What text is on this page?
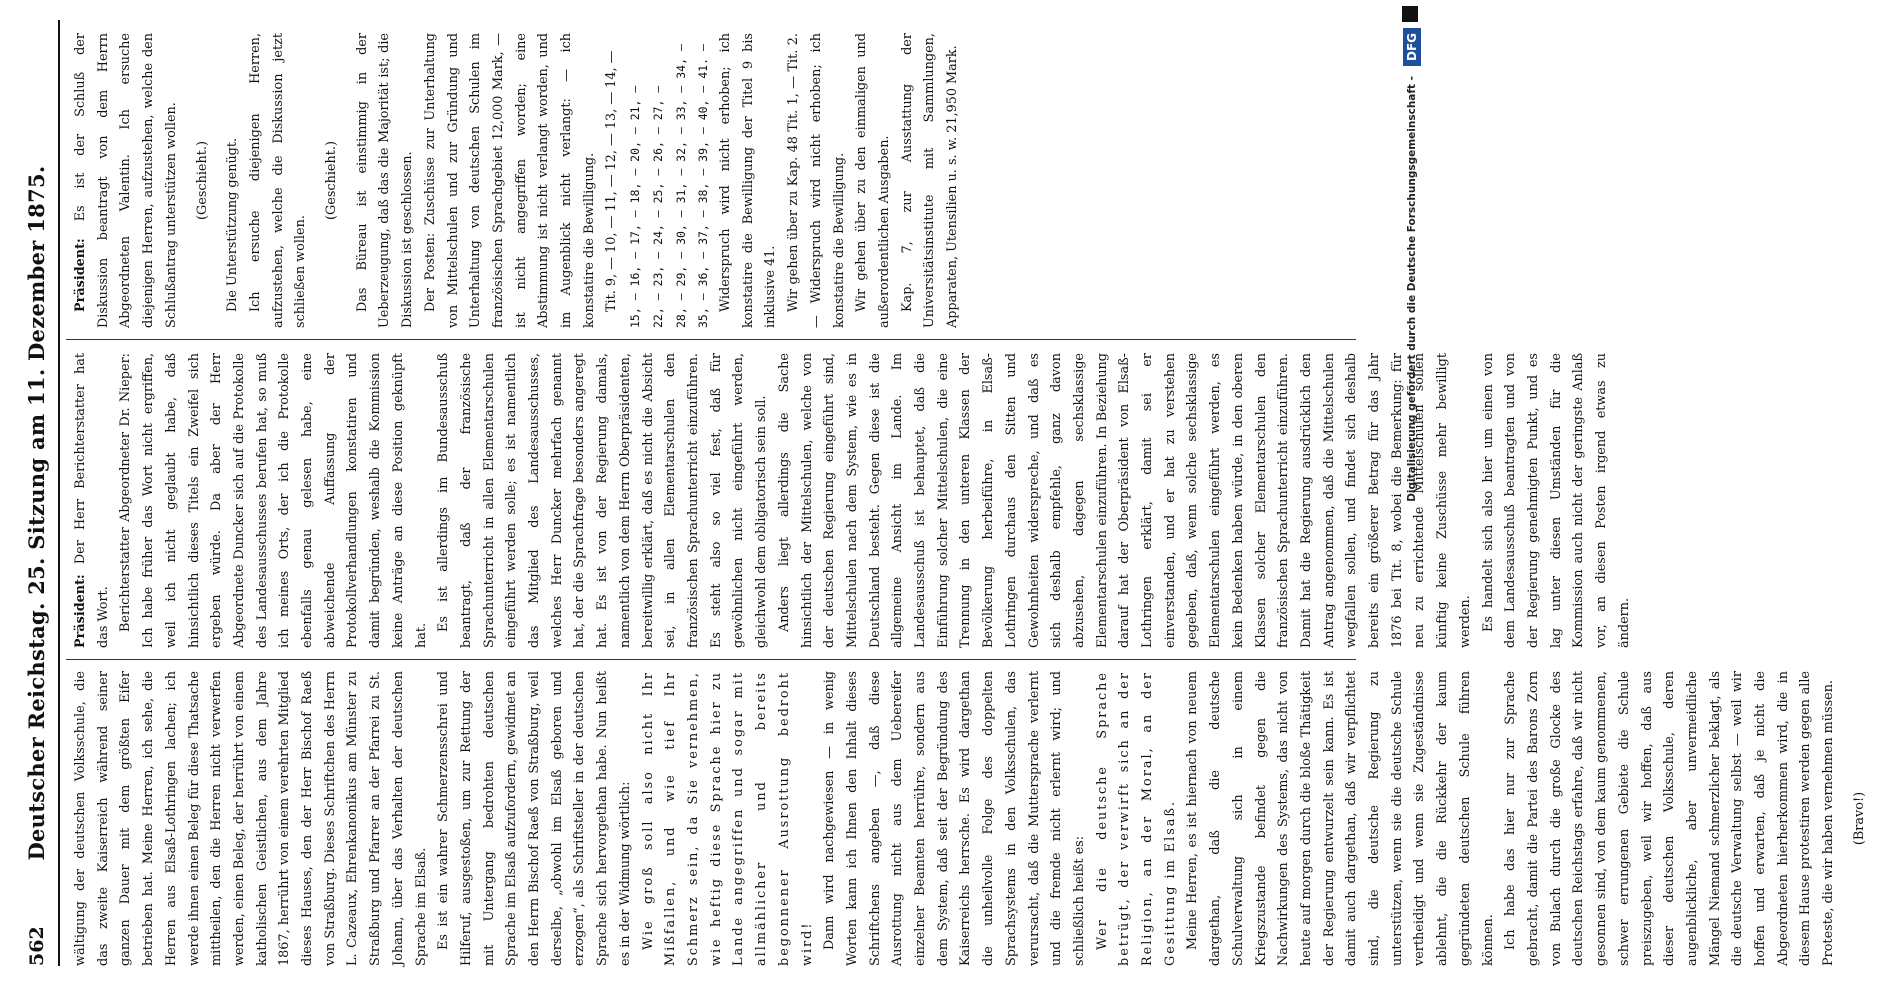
562
Deutscher Reichstag. 25. Sitzung am 11. Dezember 1875. wältigung der deutschen Volksschule, die das zweite Kaiserreich während seiner ganzen Dauer mit dem größten Eifer betrieben hat. Meine Herren, ich sehe, die Herren aus Elsaß-Lothringen lachen; ich werde ihnen einen Beleg für diese Thatsache mittheilen, den die Herren nicht verwerfen werden, einen Beleg, der herrührt von einem katholischen Geistlichen, aus dem Jahre 1867, herrührt von einem verehrten Mitglied dieses Hauses, den der Herr Bischof Raeß von Straßburg. Dieses Schriftchen des Herrn L. Cazeaux, Ehrenkanonikus am Münster zu Straßburg und Pfarrer an der Pfarrei zu St. Johann, über das Verhalten der deutschen Sprache im Elsaß. Es ist ein wahrer Schmerzensschrei und Hilferuf, ausgestoßen, um zur Rettung der mit Untergang bedrohten deutschen Sprache im Elsaß aufzufordern, gewidmet an den Herrn Bischof Raeß von Straßburg, weil derselbe, „obwohl im Elsaß geboren und erzogen“, als Schriftsteller in der deutschen Sprache sich hervorgethan habe. Nun heißt es in der Widmung wörtlich: Wie groß soll also nicht Ihr Mißfallen, und wie tief Ihr Schmerz sein, da Sie vernehmen, wie heftig diese Sprache hier zu Lande angegriffen und sogar mit allmählicher und bereits begonnener Ausrottung bedroht wird! Dann wird nachgewiesen — in wenig Worten kann ich Ihnen den Inhalt dieses Schriftchens angeben —, daß diese Ausrottung nicht aus dem Uebereifer einzelner Beamten herrühre, sondern aus dem System, daß seit der Begründung des Kaiserreichs herrsche. Es wird dargethan die unheilvolle Folge des doppelten Sprachsystems in den Volksschulen, das verursacht, daß die Muttersprache verlernt und die fremde nicht erlernt wird; und schließlich heißt es: Wer die deutsche Sprache betrügt, der verwirft sich an der Religion, an der Moral, an der Gesittung im Elsaß. Meine Herren, es ist hiernach von neuem dargethan, daß die deutsche Schulverwaltung sich in einem Kriegszustande befindet gegen die Nachwirkungen des Systems, das nicht von heute auf morgen durch die bloße Thätigkeit der Regierung entwurzelt sein kann. Es ist damit auch dargethan, daß wir verpflichtet sind, die deutsche Regierung zu unterstützen, wenn sie die deutsche Schule vertheidigt und wenn sie Zugeständnisse ablehnt, die die Rückkehr der kaum gegründeten deutschen Schule führen können. Ich habe das hier nur zur Sprache gebracht, damit die Partei des Barons Zorn von Bulach durch die große Glocke des deutschen Reichstags erfahre, daß wir nicht gesonnen sind, von dem kaum genommenen, schwer errungenen Gebiete die Schule preiszugeben, weil wir hoffen, daß aus dieser deutschen Volksschule, deren augenblickliche, aber unvermeidliche Mängel Niemand schmerzlicher beklagt, als die deutsche Verwaltung selbst — weil wir hoffen und erwarten, daß je nicht die Abgeordneten hierherkommen wird, die in diesem Hause protestiren werden gegen alle Proteste, die wir haben vernehmen müssen.	(Bravo!)

Präsident: Der Herr Berichterstatter hat das Wort. Berichterstatter Abgeordneter Dr. Nieper: Ich habe früher das Wort nicht ergriffen, weil ich nicht geglaubt habe, daß hinsichtlich dieses Titels ein Zweifel sich ergeben würde. Da aber der Herr Abgeordnete Duncker sich auf die Protokolle des Landesausschusses berufen hat, so muß ich meines Orts, der ich die Protokolle ebenfalls genau gelesen habe, eine abweichende Auffassung der Protokollverhandlungen konstatiren und damit begründen, weshalb die Kommission keine Anträge an diese Position geknüpft hat.

Es ist allerdings im Bundesausschuß beantragt, daß der französische Sprachunterricht in allen Elementarschulen eingeführt werden solle; es ist namentlich das Mitglied des Landesausschusses, welches Herr Duncker mehrfach genannt hat, der die Sprachfrage besonders angeregt hat. Es ist von der Regierung damals, namentlich von dem Herrn Oberpräsidenten, bereitwillig erklärt, daß es nicht die Absicht sei, in allen Elementarschulen den französischen Sprachunterricht einzuführen. Es steht also so viel fest, daß für gewöhnlichen nicht eingeführt werden, gleichwohl dem obligatorisch sein soll. Anders liegt allerdings die Sache hinsichtlich der Mittelschulen, welche von der deutschen Regierung eingeführt sind, Mittelschulen nach dem System, wie es in Deutschland besteht. Gegen diese ist die allgemeine Ansicht im Lande. Im Landesausschuß ist behauptet, daß die Einführung solcher Mittelschulen, die eine Trennung in den unteren Klassen der Bevölkerung herbeiführe, in Elsaß-Lothringen durchaus den Sitten und Gewohnheiten widerspreche, und daß es sich deshalb empfehle, ganz davon abzusehen, dagegen sechsklassige Elementarschulen einzuführen. In Beziehung darauf hat der Oberpräsident von Elsaß-Lothringen erklärt, damit sei er einverstanden, und er hat zu verstehen gegeben, daß, wenn solche sechsklassige Elementarschulen eingeführt werden, es kein Bedenken haben würde, in den oberen Klassen solcher Elementarschulen den französischen Sprachunterricht einzuführen. Damit hat die Regierung ausdrücklich den Antrag angenommen, daß die Mittelschulen wegfallen sollen, und findet sich deshalb bereits ein größerer Betrag für das Jahr 1876 bei Tit. 8, wobei die Bemerkung: für neu zu errichtende Mittelschulen sollen künftig keine Zuschüsse mehr bewilligt werden. Es handelt sich also hier um einen von dem Landesausschuß beantragten und von der Regierung genehmigten Punkt, und es lag unter diesen Umständen für die Kommission auch nicht der geringste Anlaß vor, an diesen Posten irgend etwas zu ändern.

Präsident: Es ist der Schluß der Diskussion beantragt von dem Herrn Abgeordneten Valentin. Ich ersuche diejenigen Herren, aufzustehen, welche den Schlußantrag unterstützen wollen.	(Geschieht.)	Die Unterstützung genügt. Ich ersuche diejenigen Herren, aufzustehen, welche die Diskussion jetzt schließen wollen.

(Geschieht.)	Das Büreau ist einstimmig in der Ueberzeugung, daß das die Majorität ist; die Diskussion ist geschlossen. Der Posten: Zuschüsse zur Unterhaltung von Mittelschulen und zur Gründung und Unterhaltung von deutschen Schulen im französischen Sprachgebiet 12,000 Mark, — ist nicht angegriffen worden; eine Abstimmung ist nicht verlangt worden, und im Augenblick nicht verlangt: — ich konstatire die Bewilligung. Tit. 9, — 10, — 11, — 12, — 13, — 14, — 15, — 16, — 17, — 18, — 20, — 21, — 22, — 23, — 24, — 25, — 26, — 27, — 28, — 29, — 30, — 31, — 32, — 33, — 34, — 35, — 36, — 37, — 38, — 39, — 40, — 41. — Widerspruch wird nicht erhoben; ich konstatire die Bewilligung der Titel 9 bis inklusive 41. Wir gehen über zu Kap. 48 Tit. 1, — Tit. 2. — Widerspruch wird nicht erhoben; ich konstatire die Bewilligung. Wir gehen über zu den einmaligen und außerordentlichen Ausgaben. Kap. 7, zur Ausstattung der Universitätsinstitute mit Sammlungen, Apparaten, Utensilien u. s. w. 21,950 Mark.	Digitalisierung gefördert durch die Deutsche Forschungsgemeinschaft -
DFG
